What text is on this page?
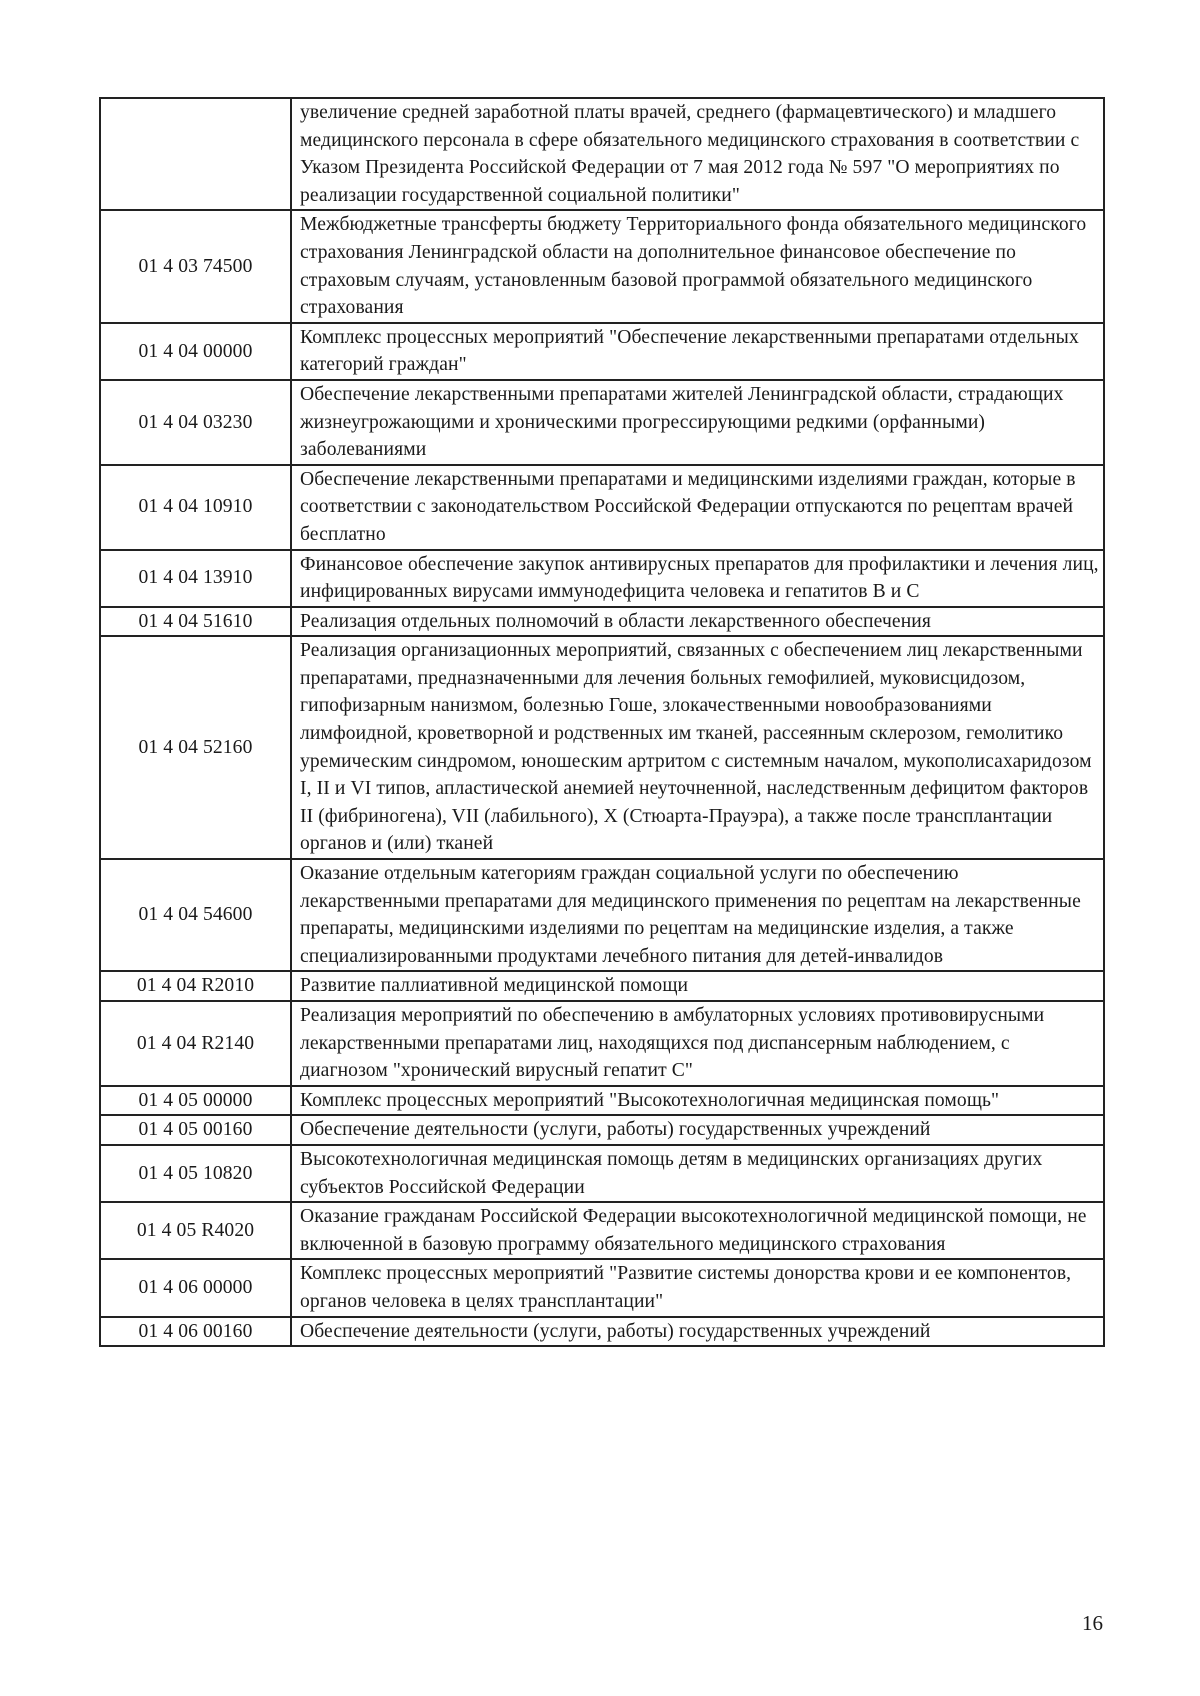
	увеличение средней заработной платы врачей, среднего (фармацевтического) и младшего медицинского персонала в сфере обязательного медицинского страхования в соответствии с Указом Президента Российской Федерации от 7 мая 2012 года № 597 "О мероприятиях по реализации государственной социальной политики"
01 4 03 74500	Межбюджетные трансферты бюджету Территориального фонда обязательного медицинского страхования Ленинградской области на дополнительное финансовое обеспечение по страховым случаям, установленным базовой программой обязательного медицинского страхования
01 4 04 00000	Комплекс процессных мероприятий "Обеспечение лекарственными препаратами отдельных категорий граждан"
01 4 04 03230	Обеспечение лекарственными препаратами жителей Ленинградской области, страдающих жизнеугрожающими и хроническими прогрессирующими редкими (орфанными) заболеваниями
01 4 04 10910	Обеспечение лекарственными препаратами и медицинскими изделиями граждан, которые в соответствии с законодательством Российской Федерации отпускаются по рецептам врачей бесплатно
01 4 04 13910	Финансовое обеспечение закупок антивирусных препаратов для профилактики и лечения лиц, инфицированных вирусами иммунодефицита человека и гепатитов В и С
01 4 04 51610	Реализация отдельных полномочий в области лекарственного обеспечения
01 4 04 52160	Реализация организационных мероприятий, связанных с обеспечением лиц лекарственными препаратами, предназначенными для лечения больных гемофилией, муковисцидозом, гипофизарным нанизмом, болезнью Гоше, злокачественными новообразованиями лимфоидной, кроветворной и родственных им тканей, рассеянным склерозом, гемолитико уремическим синдромом, юношеским артритом с системным началом, мукополисахаридозом I, II и VI типов, апластической анемией неуточненной, наследственным дефицитом факторов II (фибриногена), VII (лабильного), X (Стюарта-Прауэра), а также после трансплантации органов и (или) тканей
01 4 04 54600	Оказание отдельным категориям граждан социальной услуги по обеспечению лекарственными препаратами для медицинского применения по рецептам на лекарственные препараты, медицинскими изделиями по рецептам на медицинские изделия, а также специализированными продуктами лечебного питания для детей-инвалидов
01 4 04 R2010	Развитие паллиативной медицинской помощи
01 4 04 R2140	Реализация мероприятий по обеспечению в амбулаторных условиях противовирусными лекарственными препаратами лиц, находящихся под диспансерным наблюдением, с диагнозом "хронический вирусный гепатит С"
01 4 05 00000	Комплекс процессных мероприятий "Высокотехнологичная медицинская помощь"
01 4 05 00160	Обеспечение деятельности (услуги, работы) государственных учреждений
01 4 05 10820	Высокотехнологичная медицинская помощь детям в медицинских организациях других субъектов Российской Федерации
01 4 05 R4020	Оказание гражданам Российской Федерации высокотехнологичной медицинской помощи, не включенной в базовую программу обязательного медицинского страхования
01 4 06 00000	Комплекс процессных мероприятий "Развитие системы донорства крови и ее компонентов, органов человека в целях трансплантации"
01 4 06 00160	Обеспечение деятельности (услуги, работы) государственных учреждений
16
